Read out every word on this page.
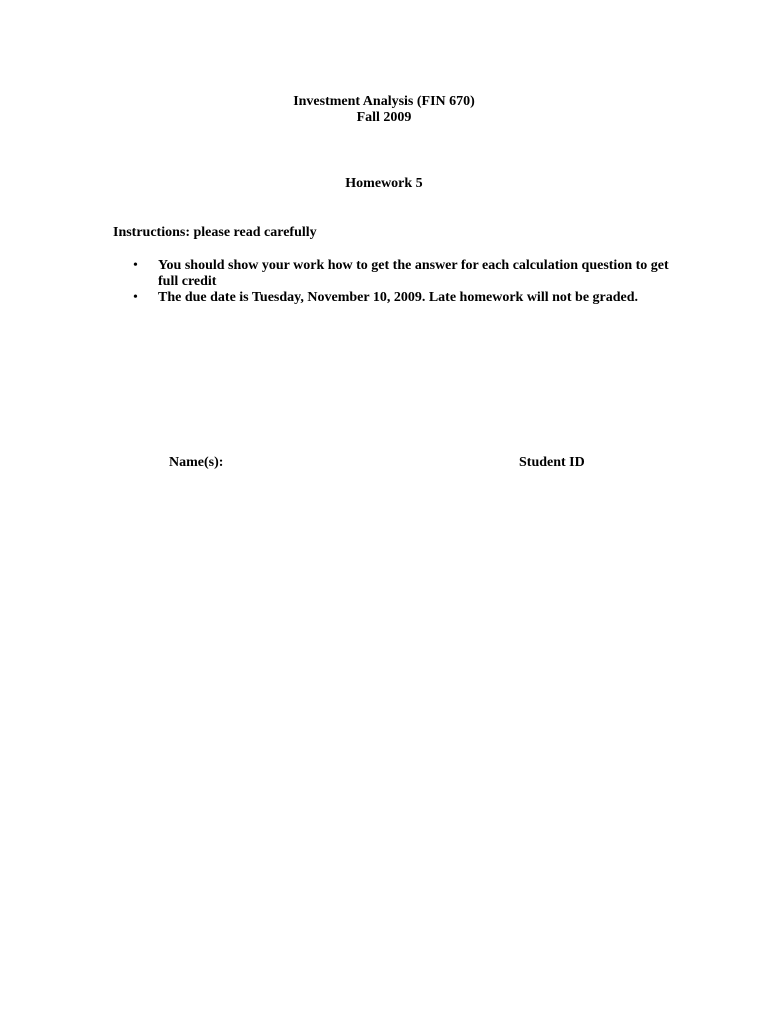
Investment Analysis (FIN 670)
Fall 2009
Homework 5
Instructions: please read carefully
• You should show your work how to get the answer for each calculation question to get full credit
• The due date is Tuesday, November 10, 2009. Late homework will not be graded.
Name(s):	Student ID
